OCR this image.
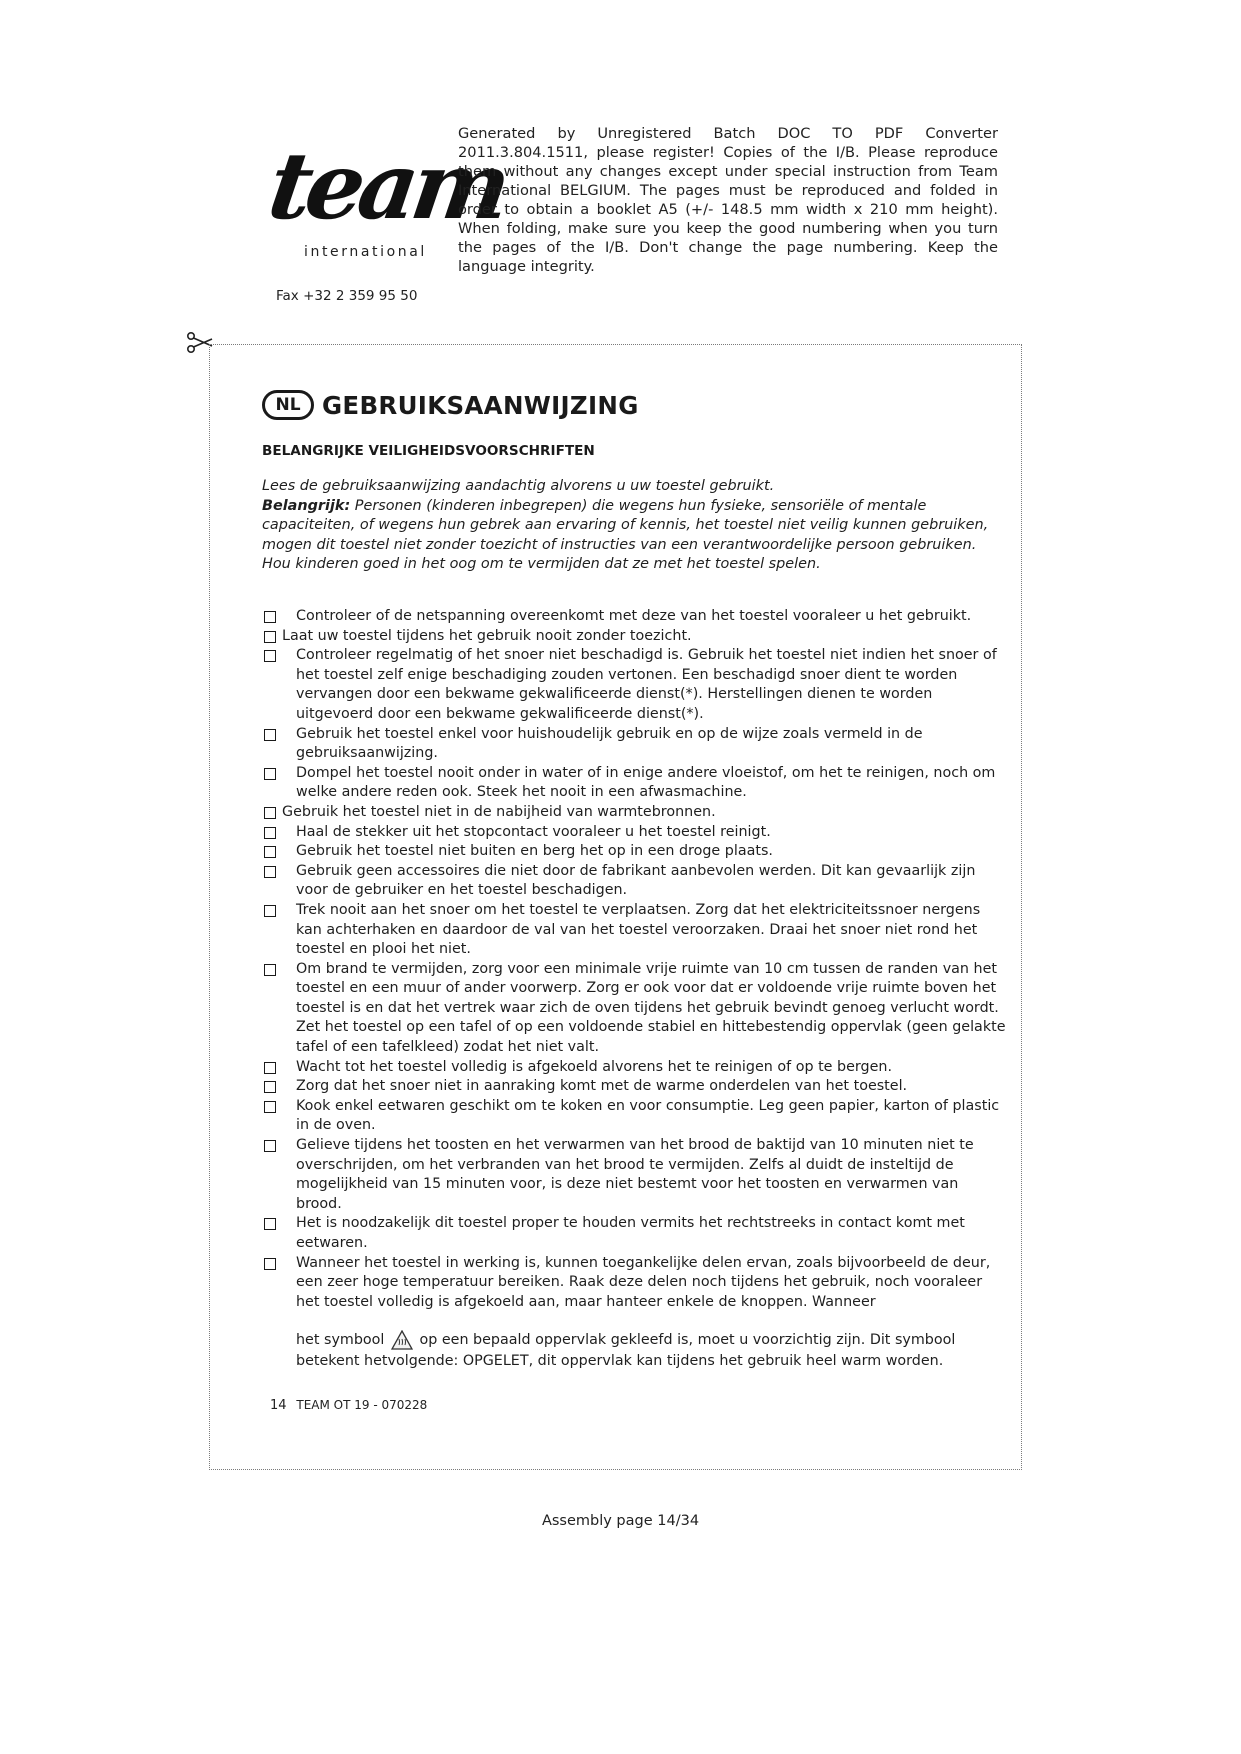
team
international
Fax +32 2 359 95 50
Generated by Unregistered Batch DOC TO PDF Converter 2011.3.804.1511, please register! Copies of the I/B. Please reproduce them without any changes except under special instruction from Team International BELGIUM. The pages must be reproduced and folded in order to obtain a booklet A5 (+/- 148.5 mm width x 210 mm height). When folding, make sure you keep the good numbering when you turn the pages of the I/B. Don't change the page numbering. Keep the language integrity.
NL GEBRUIKSAANWIJZING
BELANGRIJKE VEILIGHEIDSVOORSCHRIFTEN
Lees de gebruiksaanwijzing aandachtig alvorens u uw toestel gebruikt.
Belangrijk: Personen (kinderen inbegrepen) die wegens hun fysieke, sensoriële of mentale capaciteiten, of wegens hun gebrek aan ervaring of kennis, het toestel niet veilig kunnen gebruiken, mogen dit toestel niet zonder toezicht of instructies van een verantwoordelijke persoon gebruiken. Hou kinderen goed in het oog om te vermijden dat ze met het toestel spelen.
Controleer of de netspanning overeenkomt met deze van het toestel vooraleer u het gebruikt.
Laat uw toestel tijdens het gebruik nooit zonder toezicht.
Controleer regelmatig of het snoer niet beschadigd is. Gebruik het toestel niet indien het snoer of het toestel zelf enige beschadiging zouden vertonen. Een beschadigd snoer dient te worden vervangen door een bekwame gekwalificeerde dienst(*). Herstellingen dienen te worden uitgevoerd door een bekwame gekwalificeerde dienst(*).
Gebruik het toestel enkel voor huishoudelijk gebruik en op de wijze zoals vermeld in de gebruiksaanwijzing.
Dompel het toestel nooit onder in water of in enige andere vloeistof, om het te reinigen, noch om welke andere reden ook. Steek het nooit in een afwasmachine.
Gebruik het toestel niet in de nabijheid van warmtebronnen.
Haal de stekker uit het stopcontact vooraleer u het toestel reinigt.
Gebruik het toestel niet buiten en berg het op in een droge plaats.
Gebruik geen accessoires die niet door de fabrikant aanbevolen werden. Dit kan gevaarlijk zijn voor de gebruiker en het toestel beschadigen.
Trek nooit aan het snoer om het toestel te verplaatsen. Zorg dat het elektriciteitssnoer nergens kan achterhaken en daardoor de val van het toestel veroorzaken. Draai het snoer niet rond het toestel en plooi het niet.
Om brand te vermijden, zorg voor een minimale vrije ruimte van 10 cm tussen de randen van het toestel en een muur of ander voorwerp. Zorg er ook voor dat er voldoende vrije ruimte boven het toestel is en dat het vertrek waar zich de oven tijdens het gebruik bevindt genoeg verlucht wordt. Zet het toestel op een tafel of op een voldoende stabiel en hittebestendig oppervlak (geen gelakte tafel of een tafelkleed) zodat het niet valt.
Wacht tot het toestel volledig is afgekoeld alvorens het te reinigen of op te bergen.
Zorg dat het snoer niet in aanraking komt met de warme onderdelen van het toestel.
Kook enkel eetwaren geschikt om te koken en voor consumptie. Leg geen papier, karton of plastic in de oven.
Gelieve tijdens het toosten en het verwarmen van het brood de baktijd van 10 minuten niet te overschrijden, om het verbranden van het brood te vermijden. Zelfs al duidt de insteltijd de mogelijkheid van 15 minuten voor, is deze niet bestemt voor het toosten en verwarmen van brood.
Het is noodzakelijk dit toestel proper te houden vermits het rechtstreeks in contact komt met eetwaren.
Wanneer het toestel in werking is, kunnen toegankelijke delen ervan, zoals bijvoorbeeld de deur, een zeer hoge temperatuur bereiken. Raak deze delen noch tijdens het gebruik, noch vooraleer het toestel volledig is afgekoeld aan, maar hanteer enkele de knoppen. Wanneer
het symbool op een bepaald oppervlak gekleefd is, moet u voorzichtig zijn. Dit symbool betekent hetvolgende: OPGELET, dit oppervlak kan tijdens het gebruik heel warm worden.
14 TEAM OT 19 - 070228
Assembly page 14/34
